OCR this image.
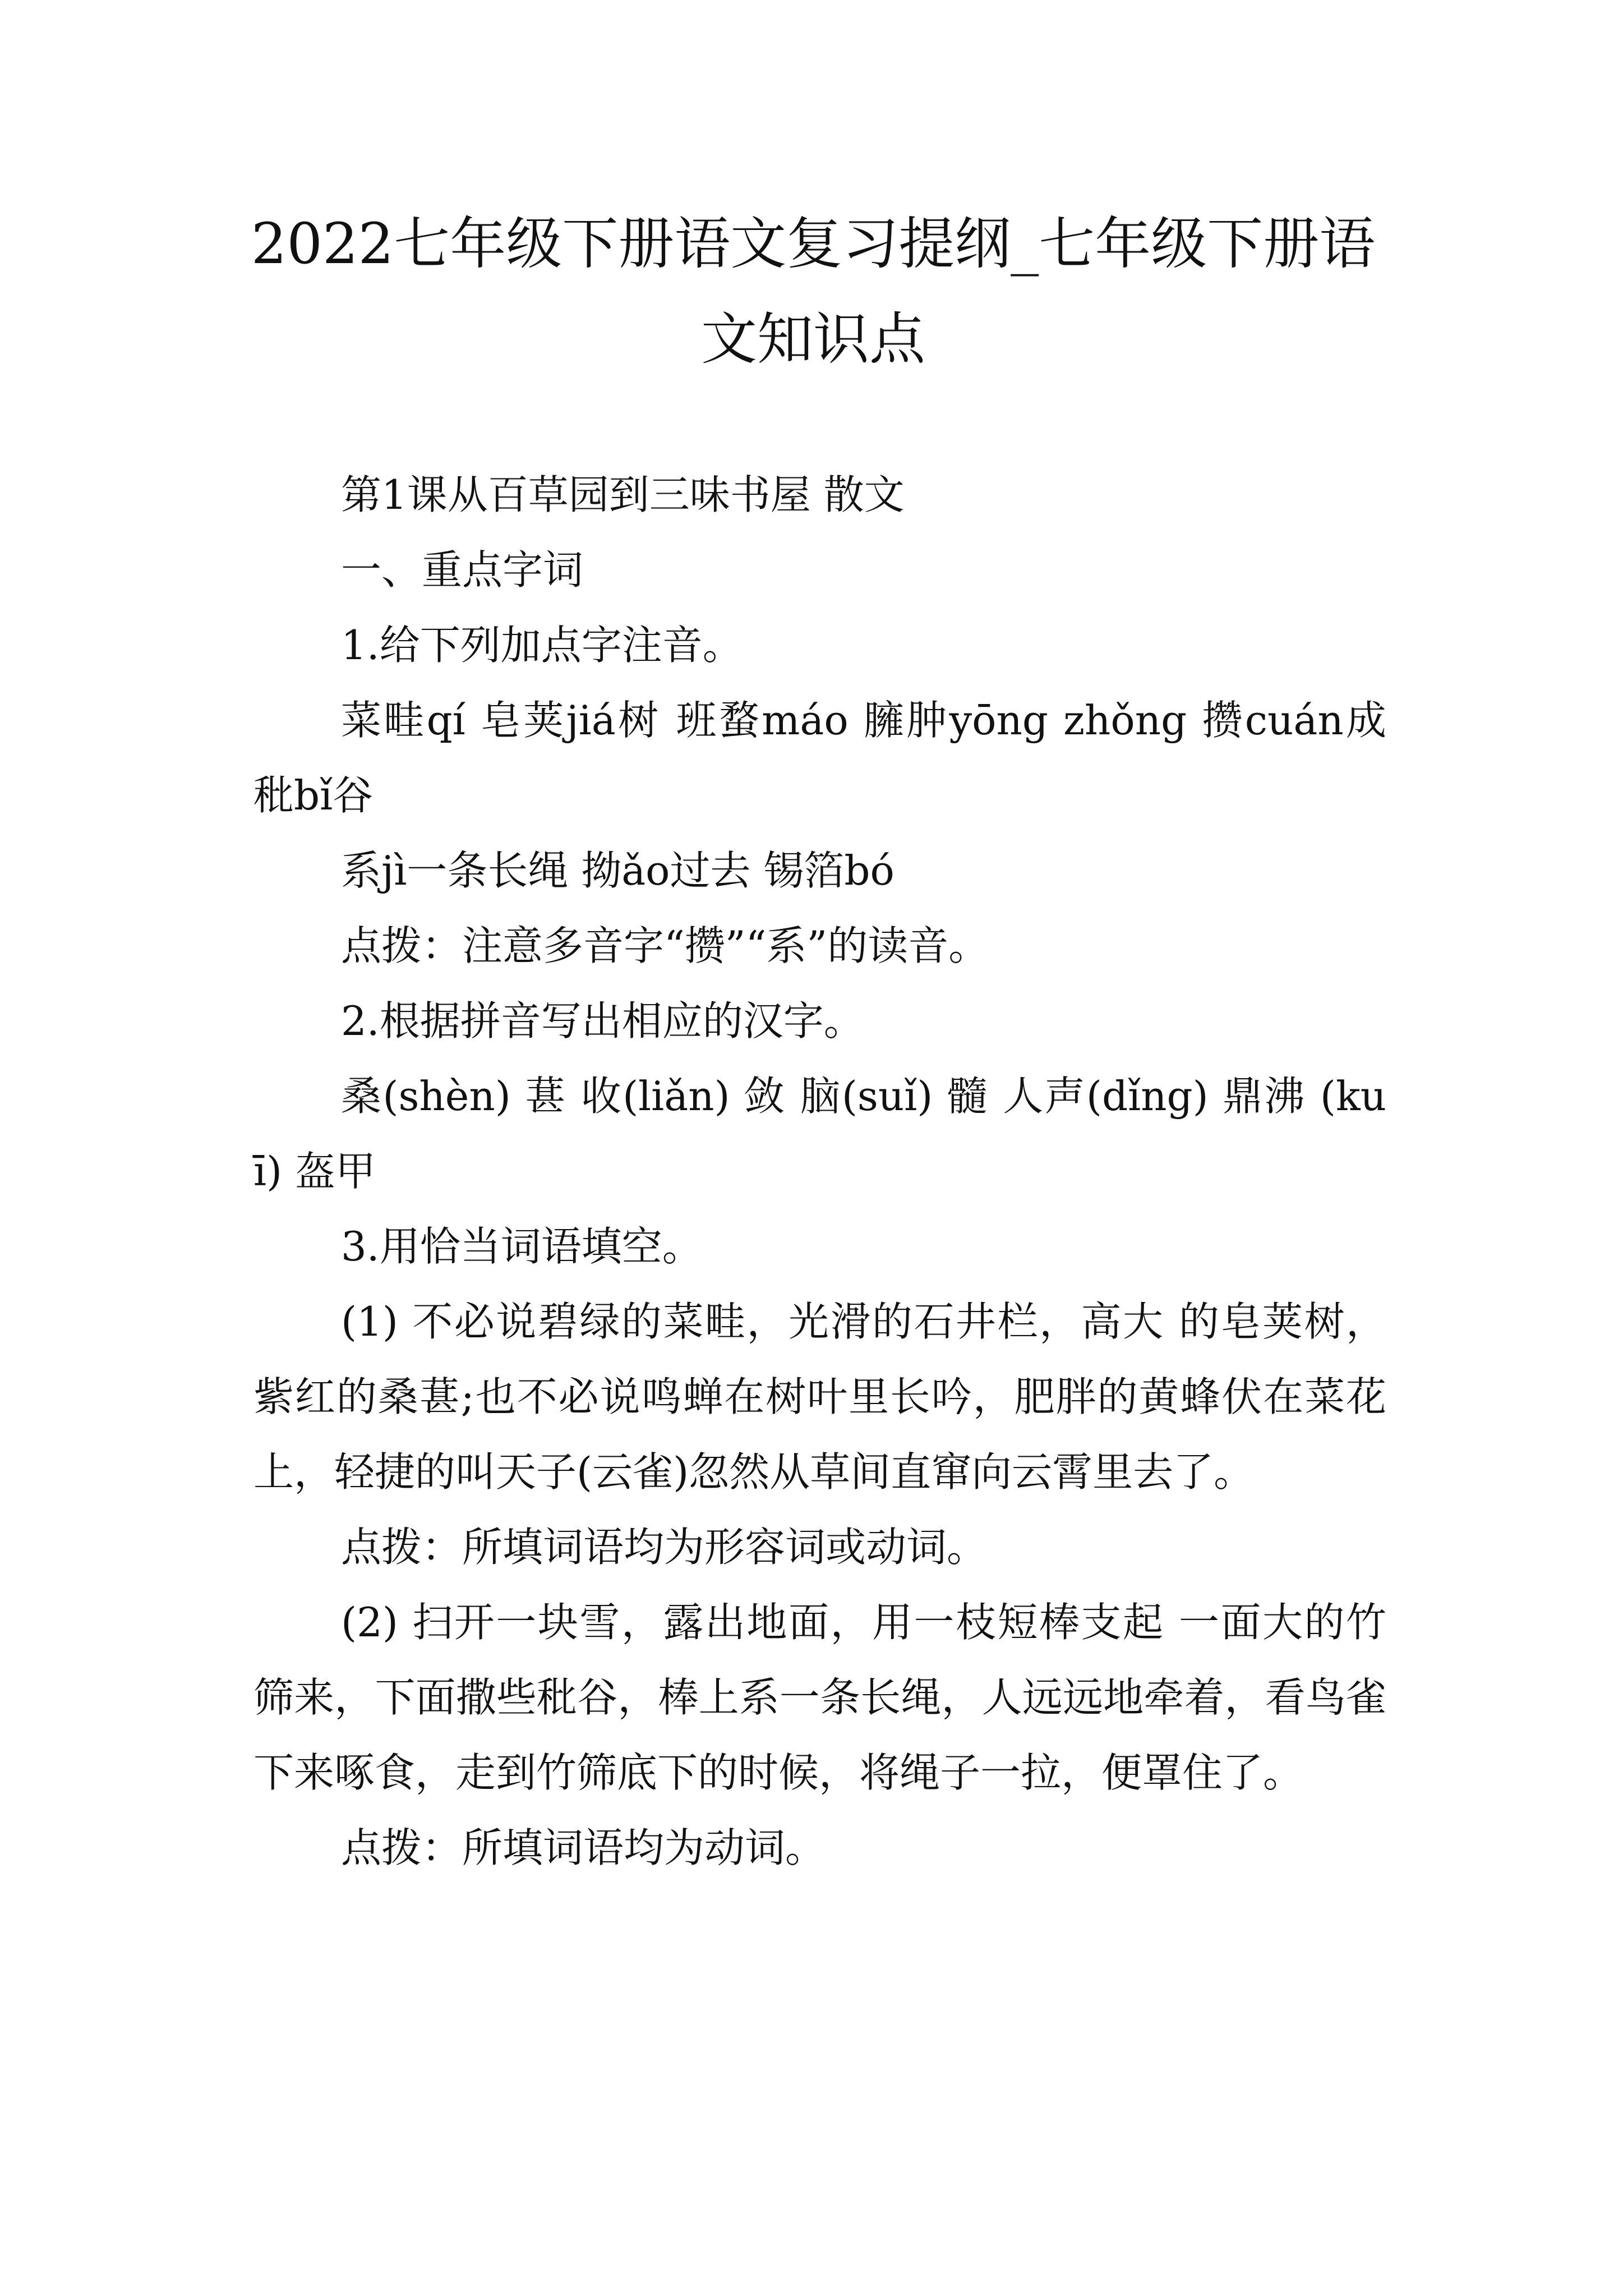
2022七年级下册语文复习提纲_七年级下册语文知识点

第1课从百草园到三味书屋 散文

一、重点字词

1.给下列加点字注音。

菜畦qí 皂荚jiá树 班蝥máo 臃肿yōng zhǒng 攒cuán成 秕bǐ谷

系jì一条长绳 拗ǎo过去 锡箔bó

点拨：注意多音字“攒”“系”的读音。

2.根据拼音写出相应的汉字。

桑(shèn) 葚 收(liǎn) 敛 脑(suǐ) 髓 人声(dǐng) 鼎沸 (kuī) 盔甲

3.用恰当词语填空。

(1) 不必说碧绿的菜畦，光滑的石井栏，高大 的皂荚树，紫红的桑葚;也不必说鸣蝉在树叶里长吟，肥胖的黄蜂伏在菜花上，轻捷的叫天子(云雀)忽然从草间直窜向云霄里去了。

点拨：所填词语均为形容词或动词。

(2) 扫开一块雪，露出地面，用一枝短棒支起 一面大的竹筛来，下面撒些秕谷，棒上系一条长绳，人远远地牵着，看鸟雀下来啄食，走到竹筛底下的时候，将绳子一拉，便罩住了。

点拨：所填词语均为动词。
